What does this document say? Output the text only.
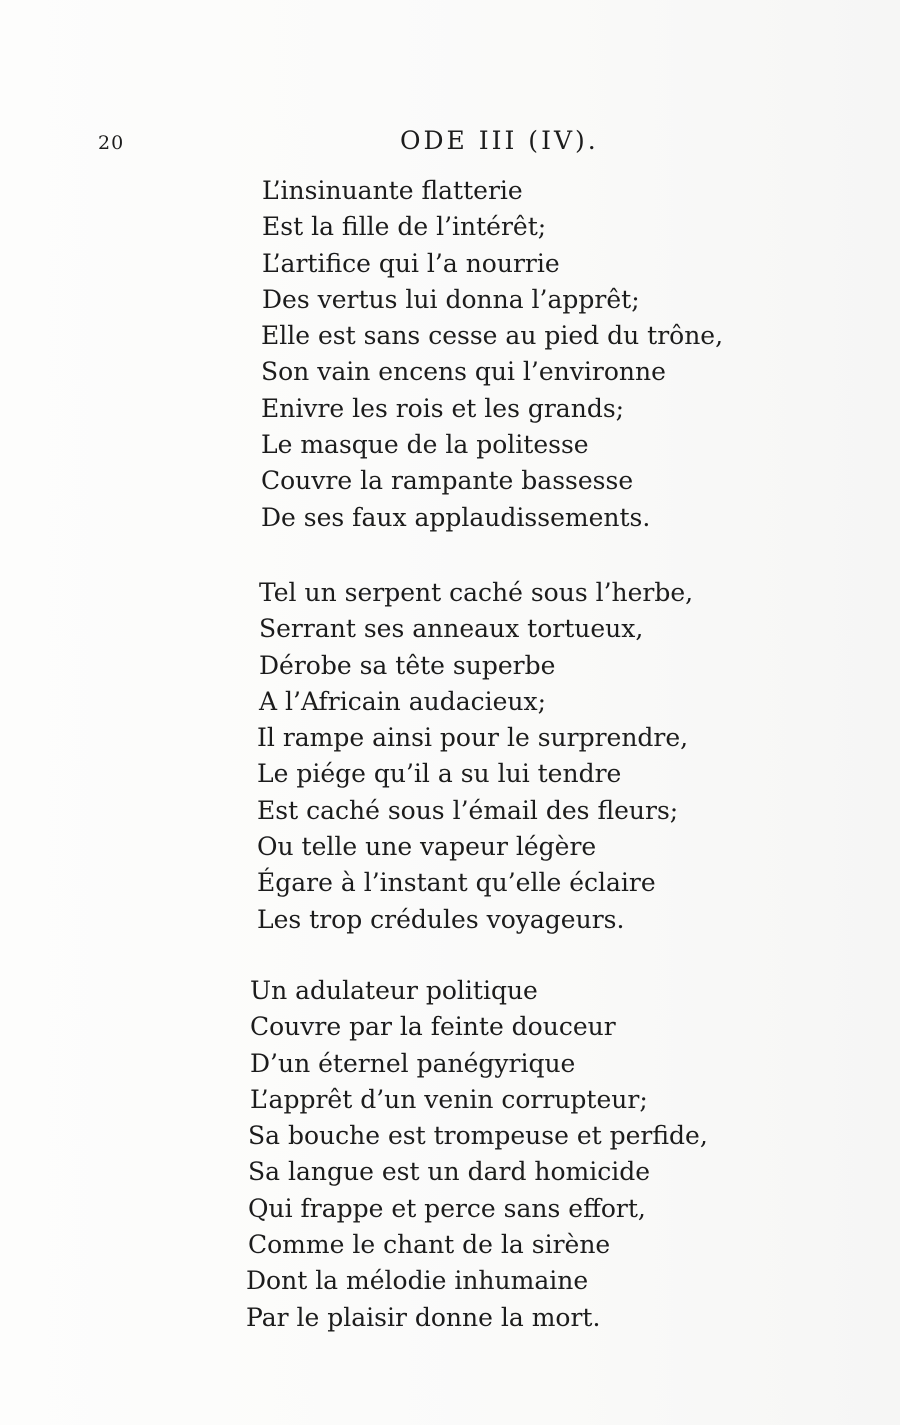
20	ODE III (IV).
L’insinuante flatterie
Est la fille de l’intérêt;
L’artifice qui l’a nourrie
Des vertus lui donna l’apprêt;
Elle est sans cesse au pied du trône,
Son vain encens qui l’environne
Enivre les rois et les grands;
Le masque de la politesse
Couvre la rampante bassesse
De ses faux applaudissements.
Tel un serpent caché sous l’herbe,
Serrant ses anneaux tortueux,
Dérobe sa tête superbe
A l’Africain audacieux;
Il rampe ainsi pour le surprendre,
Le piége qu’il a su lui tendre
Est caché sous l’émail des fleurs;
Ou telle une vapeur légère
Égare à l’instant qu’elle éclaire
Les trop crédules voyageurs.
Un adulateur politique
Couvre par la feinte douceur
D’un éternel panégyrique
L’apprêt d’un venin corrupteur;
Sa bouche est trompeuse et perfide,
Sa langue est un dard homicide
Qui frappe et perce sans effort,
Comme le chant de la sirène
Dont la mélodie inhumaine
Par le plaisir donne la mort.
